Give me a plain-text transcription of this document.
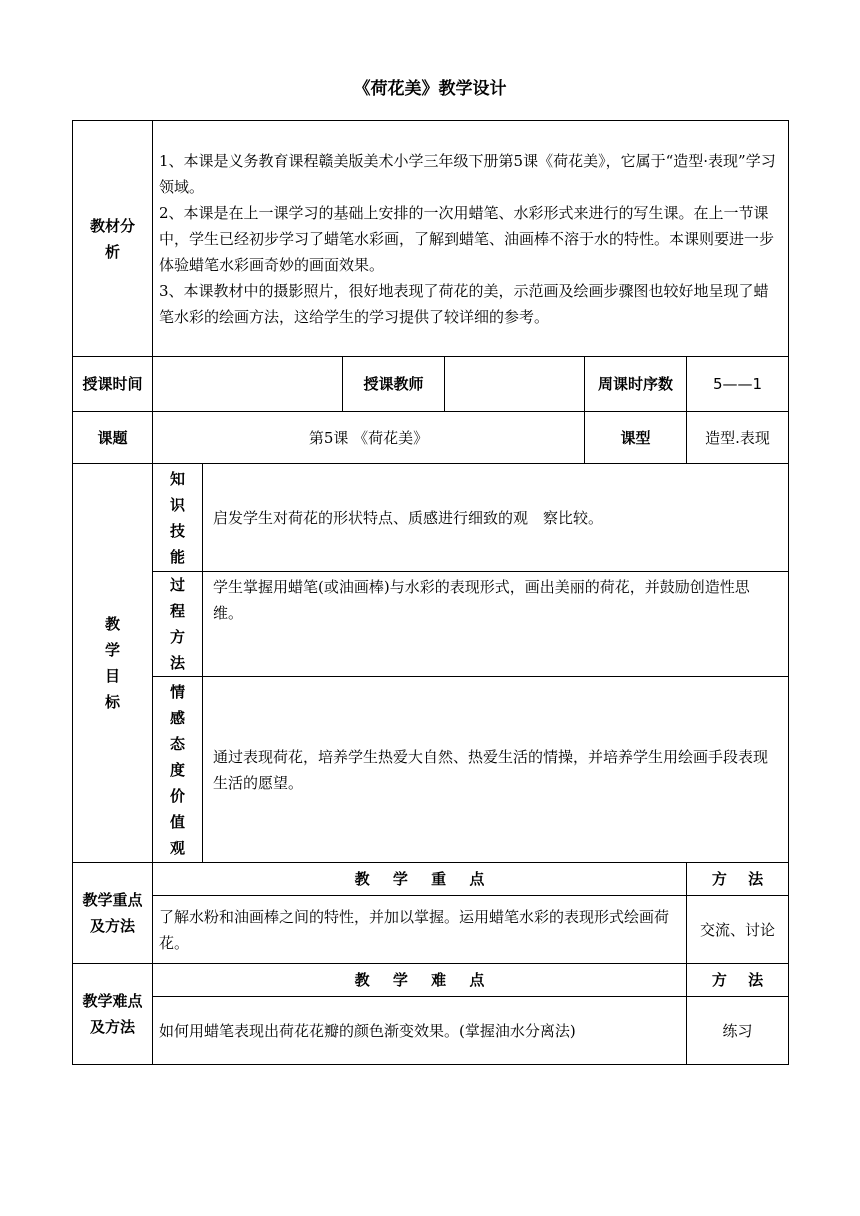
《荷花美》教学设计
教材分析	1、本课是义务教育课程赣美版美术小学三年级下册第5课《荷花美》，它属于“造型·表现”学习领域。
2、本课是在上一课学习的基础上安排的一次用蜡笔、水彩形式来进行的写生课。在上一节课中，学生已经初步学习了蜡笔水彩画，了解到蜡笔、油画棒不溶于水的特性。本课则要进一步体验蜡笔水彩画奇妙的画面效果。
3、本课教材中的摄影照片，很好地表现了荷花的美，示范画及绘画步骤图也较好地呈现了蜡笔水彩的绘画方法，这给学生的学习提供了较详细的参考。					

授课时间			授课教师		周课时序数	5——1
课题	第5课 《荷花美》				课型	造型.表现

教
学
目
标	知识技能	启发学生对荷花的形状特点、质感进行细致的观　察比较。				
	过程方法	学生掌握用蜡笔(或油画棒)与水彩的表现形式，画出美丽的荷花，并鼓励创造性思维。				
	情感态度价值观	通过表现荷花，培养学生热爱大自然、热爱生活的情操，并培养学生用绘画手段表现生活的愿望。				
教学重点及方法	教 学 重 点					方 法
	了解水粉和油画棒之间的特性，并加以掌握。运用蜡笔水彩的表现形式绘画荷花。					交流、讨论
教学难点及方法	教 学 难 点					方 法
	如何用蜡笔表现出荷花花瓣的颜色渐变效果。(掌握油水分离法)					练习
